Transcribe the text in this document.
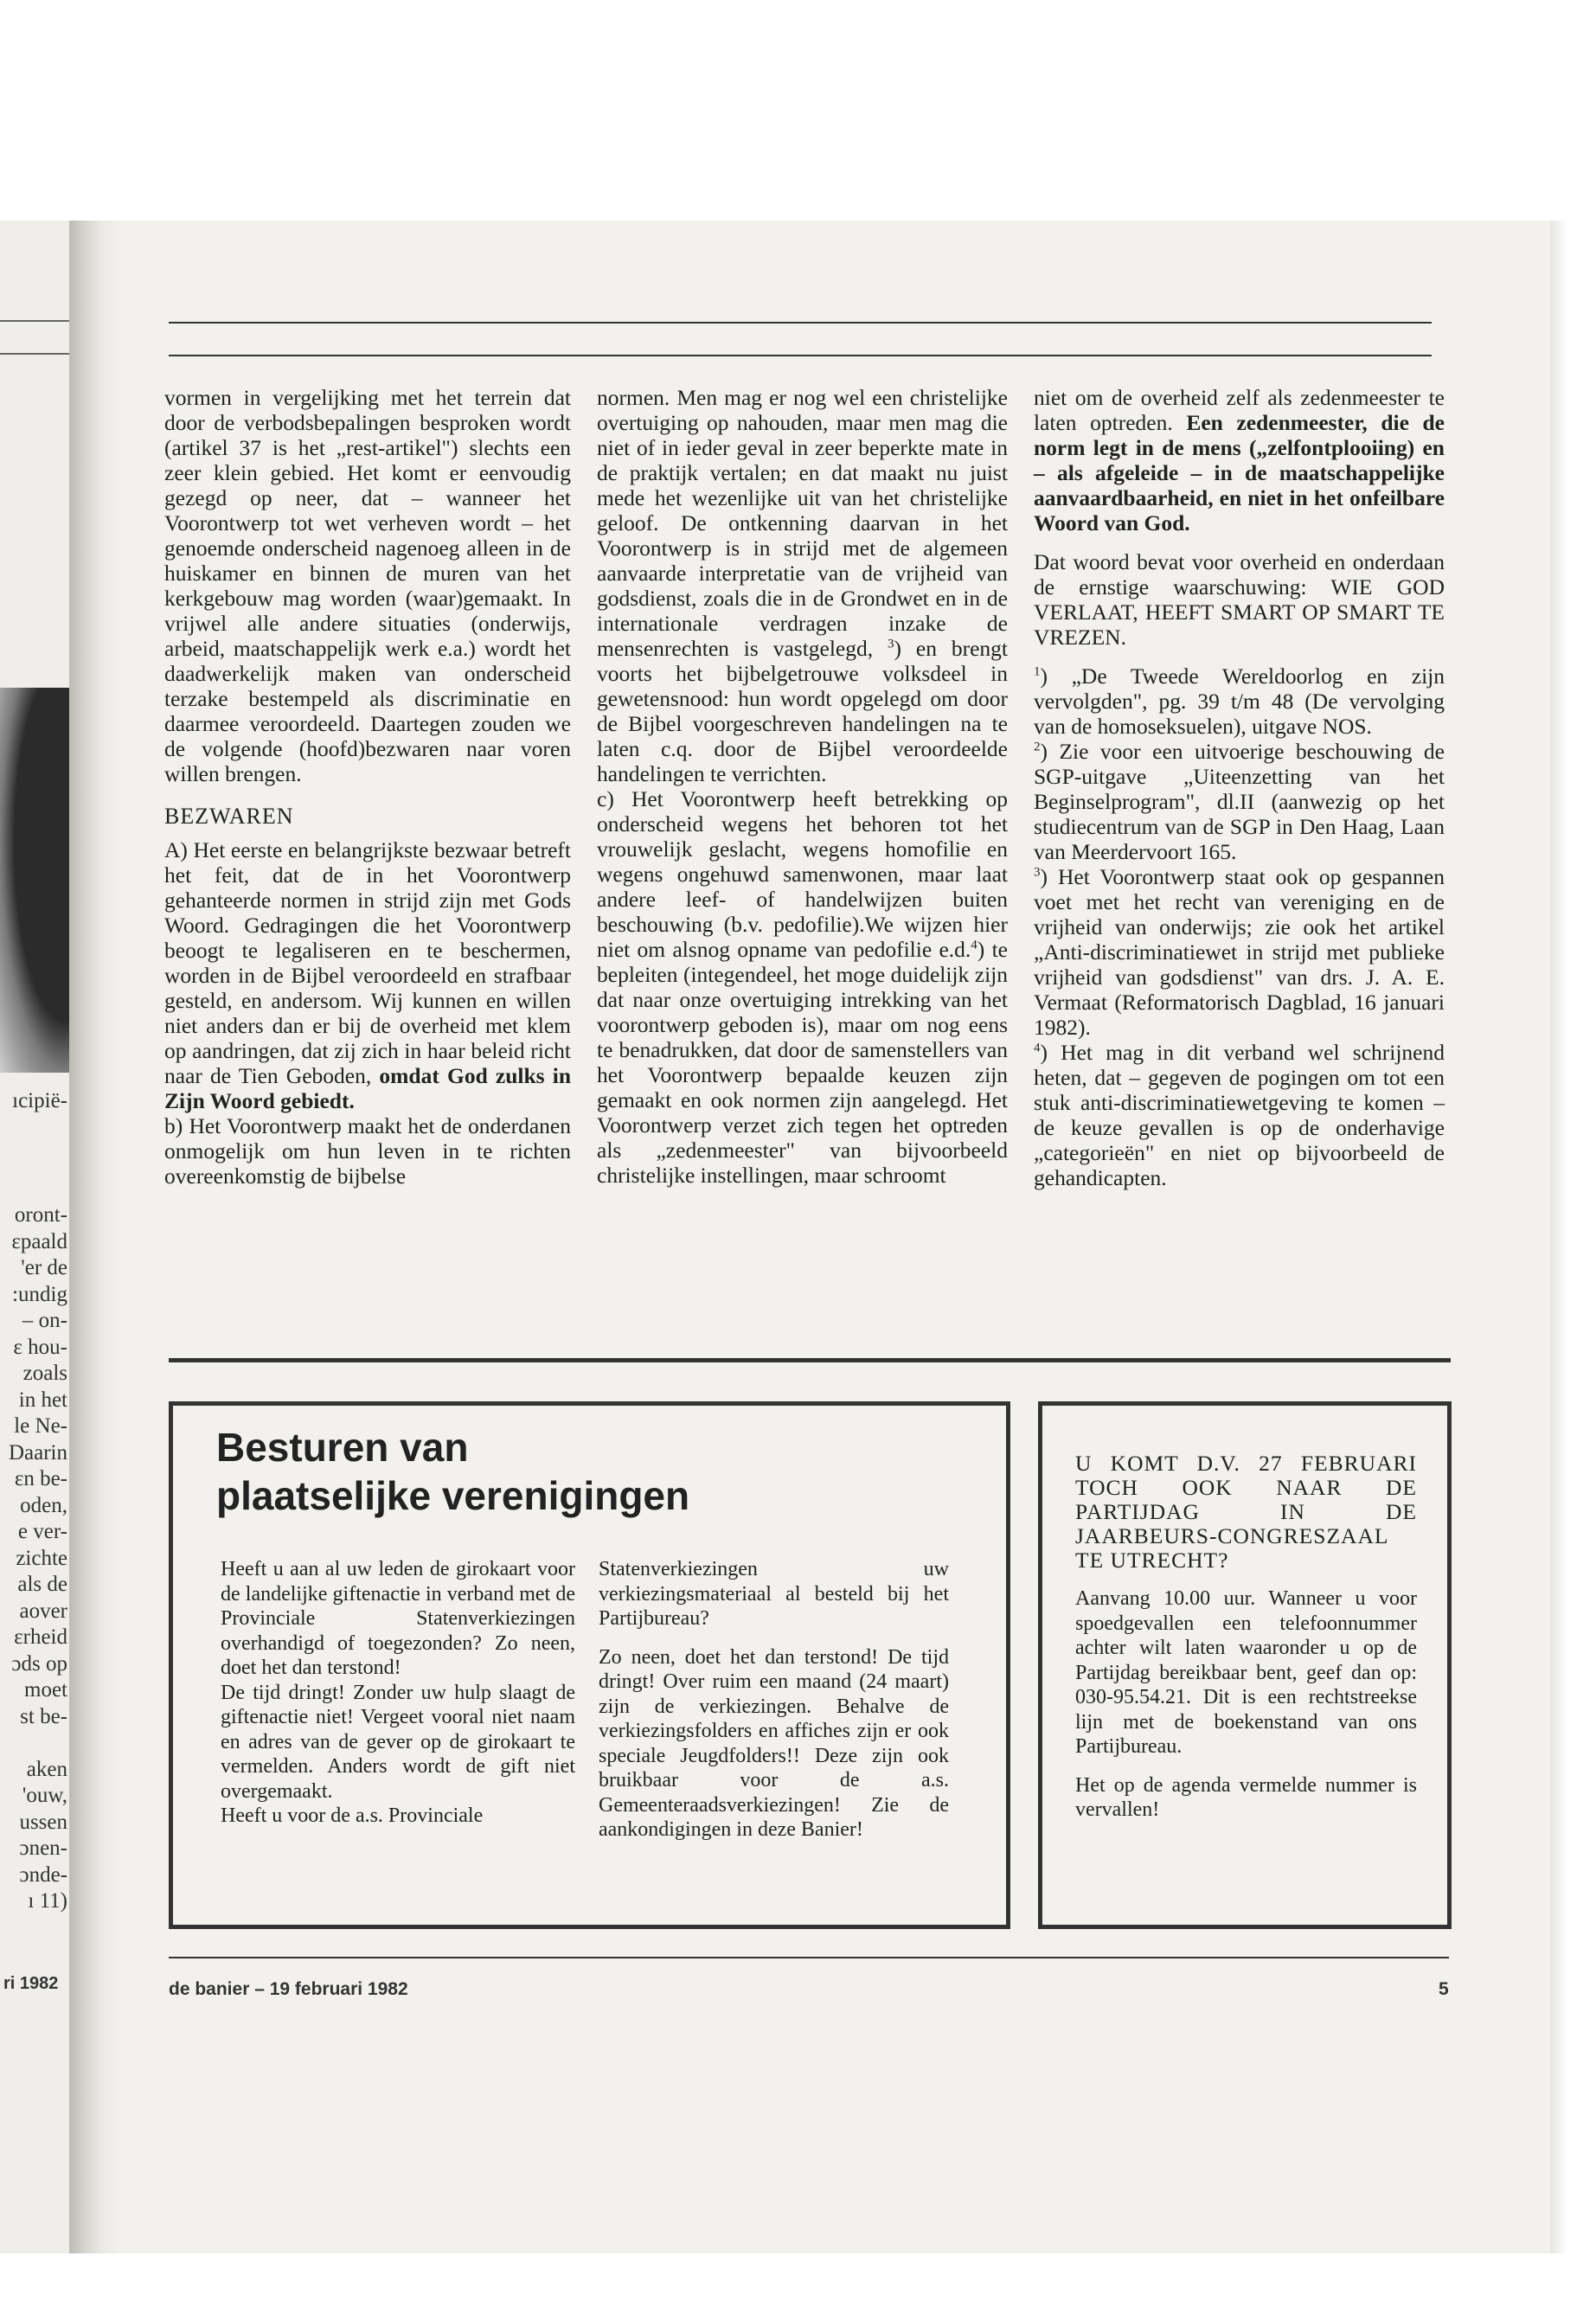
ıcipië-
oront-
ɛpaald
'er de
:undig
– on-
ɛ hou-
zoals
in het
le Ne-
Daarin
ɛn be-
oden,
e ver-
zichte
als de
aover
ɛrheid
ɔds op
moet
st be-

aken
'ouw,
ussen
ɔnen-
ɔnde-
ı 11)
ri 1982

vormen in vergelijking met het terrein dat door de verbodsbepalingen besproken wordt (artikel 37 is het „rest-artikel") slechts een zeer klein gebied. Het komt er eenvoudig gezegd op neer, dat – wanneer het Voorontwerp tot wet verheven wordt – het genoemde onderscheid nagenoeg alleen in de huiskamer en binnen de muren van het kerkgebouw mag worden (waar)gemaakt. In vrijwel alle andere situaties (onderwijs, arbeid, maatschappelijk werk e.a.) wordt het daadwerkelijk maken van onderscheid terzake bestempeld als discriminatie en daarmee veroordeeld. Daartegen zouden we de volgende (hoofd)bezwaren naar voren willen brengen.

BEZWAREN

A) Het eerste en belangrijkste bezwaar betreft het feit, dat de in het Voorontwerp gehanteerde normen in strijd zijn met Gods Woord. Gedragingen die het Voorontwerp beoogt te legaliseren en te beschermen, worden in de Bijbel veroordeeld en strafbaar gesteld, en andersom. Wij kunnen en willen niet anders dan er bij de overheid met klem op aandringen, dat zij zich in haar beleid richt naar de Tien Geboden, omdat God zulks in Zijn Woord gebiedt.

b) Het Voorontwerp maakt het de onderdanen onmogelijk om hun leven in te richten overeenkomstig de bijbelse

normen. Men mag er nog wel een christelijke overtuiging op nahouden, maar men mag die niet of in ieder geval in zeer beperkte mate in de praktijk vertalen; en dat maakt nu juist mede het wezenlijke uit van het christelijke geloof. De ontkenning daarvan in het Voorontwerp is in strijd met de algemeen aanvaarde interpretatie van de vrijheid van godsdienst, zoals die in de Grondwet en in de internationale verdragen inzake de mensenrechten is vastgelegd, $^3$) en brengt voorts het bijbelgetrouwe volksdeel in gewetensnood: hun wordt opgelegd om door de Bijbel voorgeschreven handelingen na te laten c.q. door de Bijbel veroordeelde handelingen te verrichten.

c) Het Voorontwerp heeft betrekking op onderscheid wegens het behoren tot het vrouwelijk geslacht, wegens homofilie en wegens ongehuwd samenwonen, maar laat andere leef- of handelwijzen buiten beschouwing (b.v. pedofilie).We wijzen hier niet om alsnog opname van pedofilie e.d.$^4$) te bepleiten (integendeel, het moge duidelijk zijn dat naar onze overtuiging intrekking van het voorontwerp geboden is), maar om nog eens te benadrukken, dat door de samenstellers van het Voorontwerp bepaalde keuzen zijn gemaakt en ook normen zijn aangelegd. Het Voorontwerp verzet zich tegen het optreden als „zedenmeester" van bijvoorbeeld christelijke instellingen, maar schroomt

niet om de overheid zelf als zedenmeester te laten optreden. Een zedenmeester, die de norm legt in de mens („zelfontplooiing) en – als afgeleide – in de maatschappelijke aanvaardbaarheid, en niet in het onfeilbare Woord van God.

Dat woord bevat voor overheid en onderdaan de ernstige waarschuwing: WIE GOD VERLAAT, HEEFT SMART OP SMART TE VREZEN.

$^1$) „De Tweede Wereldoorlog en zijn vervolgden", pg. 39 t/m 48 (De vervolging van de homoseksuelen), uitgave NOS.

$^2$) Zie voor een uitvoerige beschouwing de SGP-uitgave „Uiteenzetting van het Beginselprogram", dl.II (aanwezig op het studiecentrum van de SGP in Den Haag, Laan van Meerdervoort 165.

$^3$) Het Voorontwerp staat ook op gespannen voet met het recht van vereniging en de vrijheid van onderwijs; zie ook het artikel „Anti-discriminatiewet in strijd met publieke vrijheid van godsdienst" van drs. J. A. E. Vermaat (Reformatorisch Dagblad, 16 januari 1982).

$^4$) Het mag in dit verband wel schrijnend heten, dat – gegeven de pogingen om tot een stuk anti-discriminatiewetgeving te komen – de keuze gevallen is op de onderhavige „categorieën" en niet op bijvoorbeeld de gehandicapten.

Besturen van
plaatselijke verenigingen

Heeft u aan al uw leden de girokaart voor de landelijke giftenactie in verband met de Provinciale Statenverkiezingen overhandigd of toegezonden? Zo neen, doet het dan terstond!

De tijd dringt! Zonder uw hulp slaagt de giftenactie niet! Vergeet vooral niet naam en adres van de gever op de girokaart te vermelden. Anders wordt de gift niet overgemaakt.

Heeft u voor de a.s. Provinciale

Statenverkiezingen uw verkiezingsmateriaal al besteld bij het Partijbureau?

Zo neen, doet het dan terstond! De tijd dringt! Over ruim een maand (24 maart) zijn de verkiezingen. Behalve de verkiezingsfolders en affiches zijn er ook speciale Jeugdfolders!! Deze zijn ook bruikbaar voor de a.s. Gemeenteraadsverkiezingen! Zie de aankondigingen in deze Banier!

U KOMT D.V. 27 FEBRUARI TOCH OOK NAAR DE PARTIJDAG IN DE JAARBEURS-CONGRESZAAL TE UTRECHT?

Aanvang 10.00 uur. Wanneer u voor spoedgevallen een telefoonnummer achter wilt laten waaronder u op de Partijdag bereikbaar bent, geef dan op: 030-95.54.21. Dit is een rechtstreekse lijn met de boekenstand van ons Partijbureau.

Het op de agenda vermelde nummer is vervallen!

de banier – 19 februari 1982	5
